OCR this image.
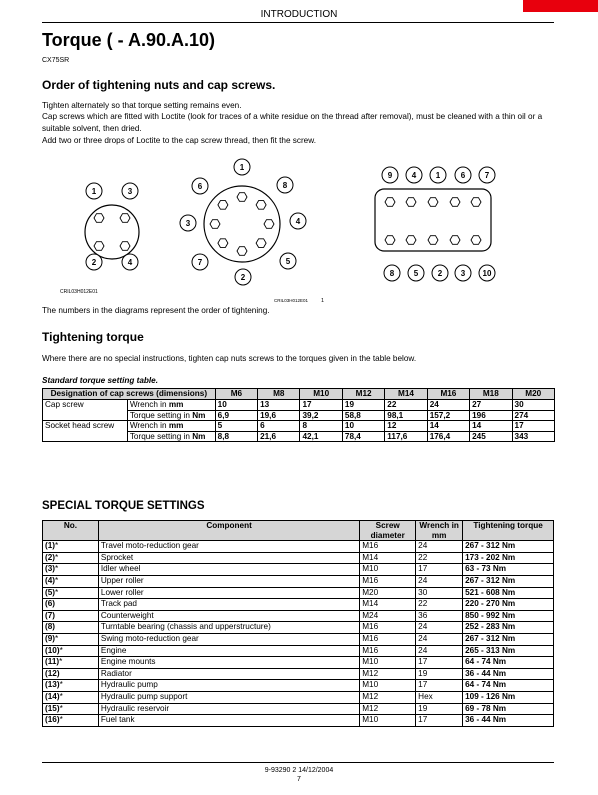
INTRODUCTION
Torque ( - A.90.A.10)
CX75SR
Order of tightening nuts and cap screws.
Tighten alternately so that torque setting remains even.
Cap screws which are fitted with Loctite (look for traces of a white residue on the thread after removal), must be cleaned with a thin oil or a suitable solvent, then dried.
Add two or three drops of Loctite to the cap screw thread, then fit the screw.
1	3
2	4
1
8
4
5
2
7
3
6
9 4 1	6 7
8 5 2 3 10
CRIL03H012E01
CRIL03H012E01 1
The numbers in the diagrams represent the order of tightening.
Tightening torque
Where there are no special instructions, tighten cap nuts screws to the torques given in the table below.
Standard torque setting table.
Designation of cap screws (dimensions)		M6	M8	M10	M12	M14	M16	M18	M20
Cap screw	Wrench in mm	10	13	17	19	22	24	27	30
	Torque setting in Nm	6,9	19,6	39,2	58,8	98,1	157,2	196	274
Socket head screw	Wrench in mm	5	6	8	10	12	14	14	17
	Torque setting in Nm	8,8	21,6	42,1	78,4	117,6	176,4	245	343
SPECIAL TORQUE SETTINGS
No.	Component	Screw diameter	Wrench in mm	Tightening torque
(1)*	Travel moto-reduction gear	M16	24	267 - 312 Nm
(2)*	Sprocket	M14	22	173 - 202 Nm
(3)*	Idler wheel	M10	17	63 - 73 Nm
(4)*	Upper roller	M16	24	267 - 312 Nm
(5)*	Lower roller	M20	30	521 - 608 Nm
(6)	Track pad	M14	22	220 - 270 Nm
(7)	Counterweight	M24	36	850 - 992 Nm
(8)	Turntable bearing (chassis and upperstructure)	M16	24	252 - 283 Nm
(9)*	Swing moto-reduction gear	M16	24	267 - 312 Nm
(10)*	Engine	M16	24	265 - 313 Nm
(11)*	Engine mounts	M10	17	64 - 74 Nm
(12)	Radiator	M12	19	36 - 44 Nm
(13)*	Hydraulic pump	M10	17	64 - 74 Nm
(14)*	Hydraulic pump support	M12	Hex	109 - 126 Nm
(15)*	Hydraulic reservoir	M12	19	69 - 78 Nm
(16)*	Fuel tank	M10	17	36 - 44 Nm
9-93290 2 14/12/2004
7
